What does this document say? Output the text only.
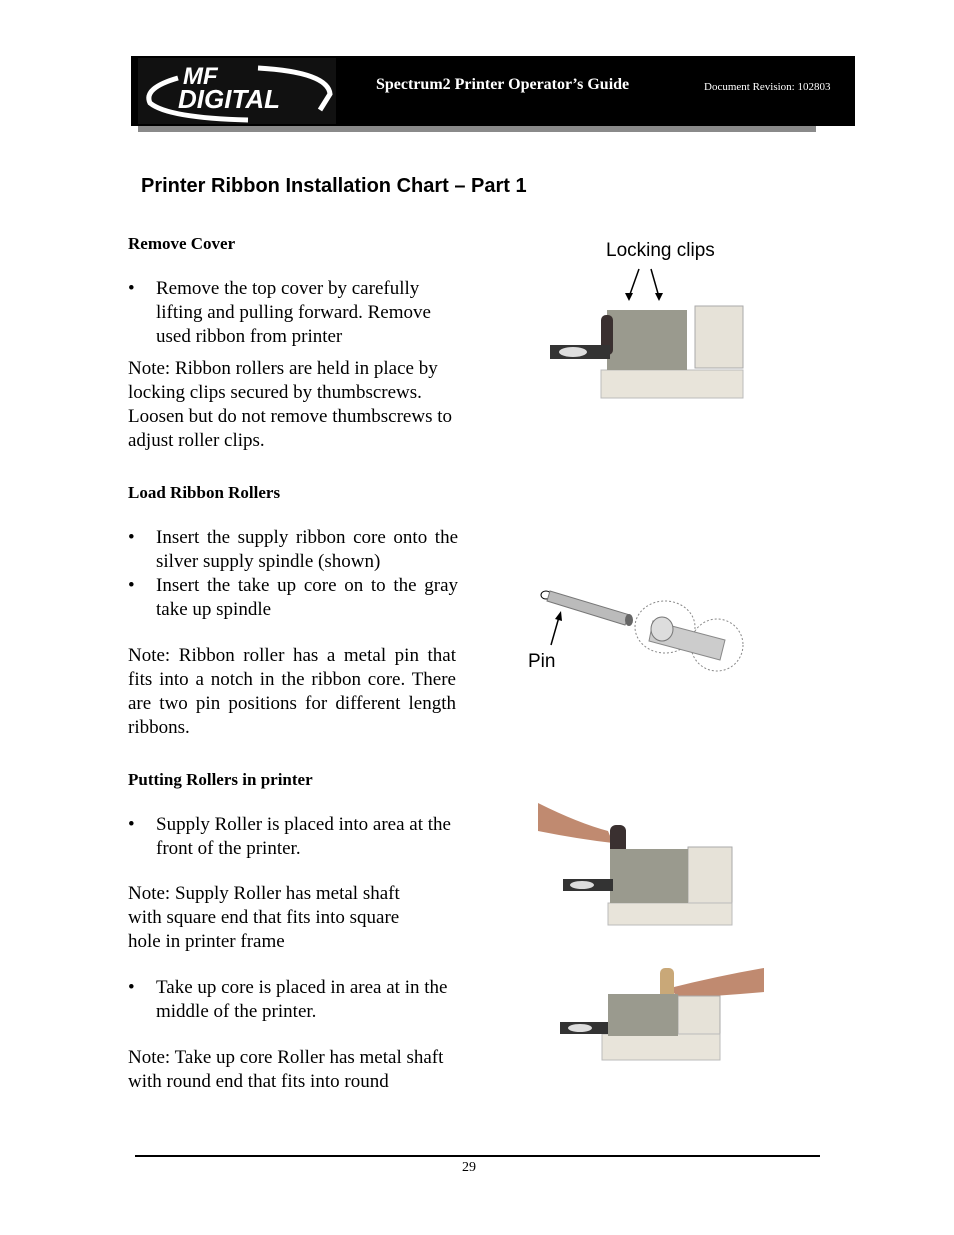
MF
DIGITAL	Spectrum2 Printer Operator’s Guide	Document Revision: 102803
Printer Ribbon Installation Chart – Part 1
Remove Cover
• Remove the top cover by carefully lifting and pulling forward. Remove used ribbon from printer
Note: Ribbon rollers are held in place by locking clips secured by thumbscrews. Loosen but do not remove thumbscrews to adjust roller clips.
Load Ribbon Rollers
• Insert the supply ribbon core onto the silver supply spindle (shown)
• Insert the take up core on to the gray take up spindle
Note: Ribbon roller has a metal pin that fits into a notch in the ribbon core. There are two pin positions for different length ribbons.
Putting Rollers in printer
• Supply Roller is placed into area at the front of the printer.
Note: Supply Roller has metal shaft with square end that fits into square hole in printer frame
• Take up core is placed in area at in the middle of the printer.
Note: Take up core Roller has metal shaft with round end that fits into round
Locking clips
Pin
29
